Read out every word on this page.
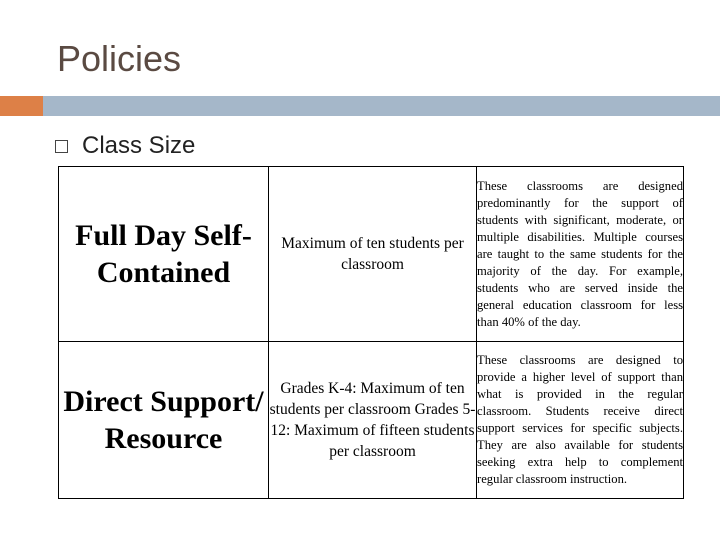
Policies
Class Size
Full Day Self-Contained	Maximum of ten students per classroom	These classrooms are designed predominantly for the support of students with significant, moderate, or multiple disabilities. Multiple courses are taught to the same students for the majority of the day. For example, students who are served inside the general education classroom for less than 40% of the day.
Direct Support/ Resource	Grades K-4: Maximum of ten students per classroom Grades 5-12: Maximum of fifteen students per classroom	These classrooms are designed to provide a higher level of support than what is provided in the regular classroom. Students receive direct support services for specific subjects. They are also available for students seeking extra help to complement regular classroom instruction.
